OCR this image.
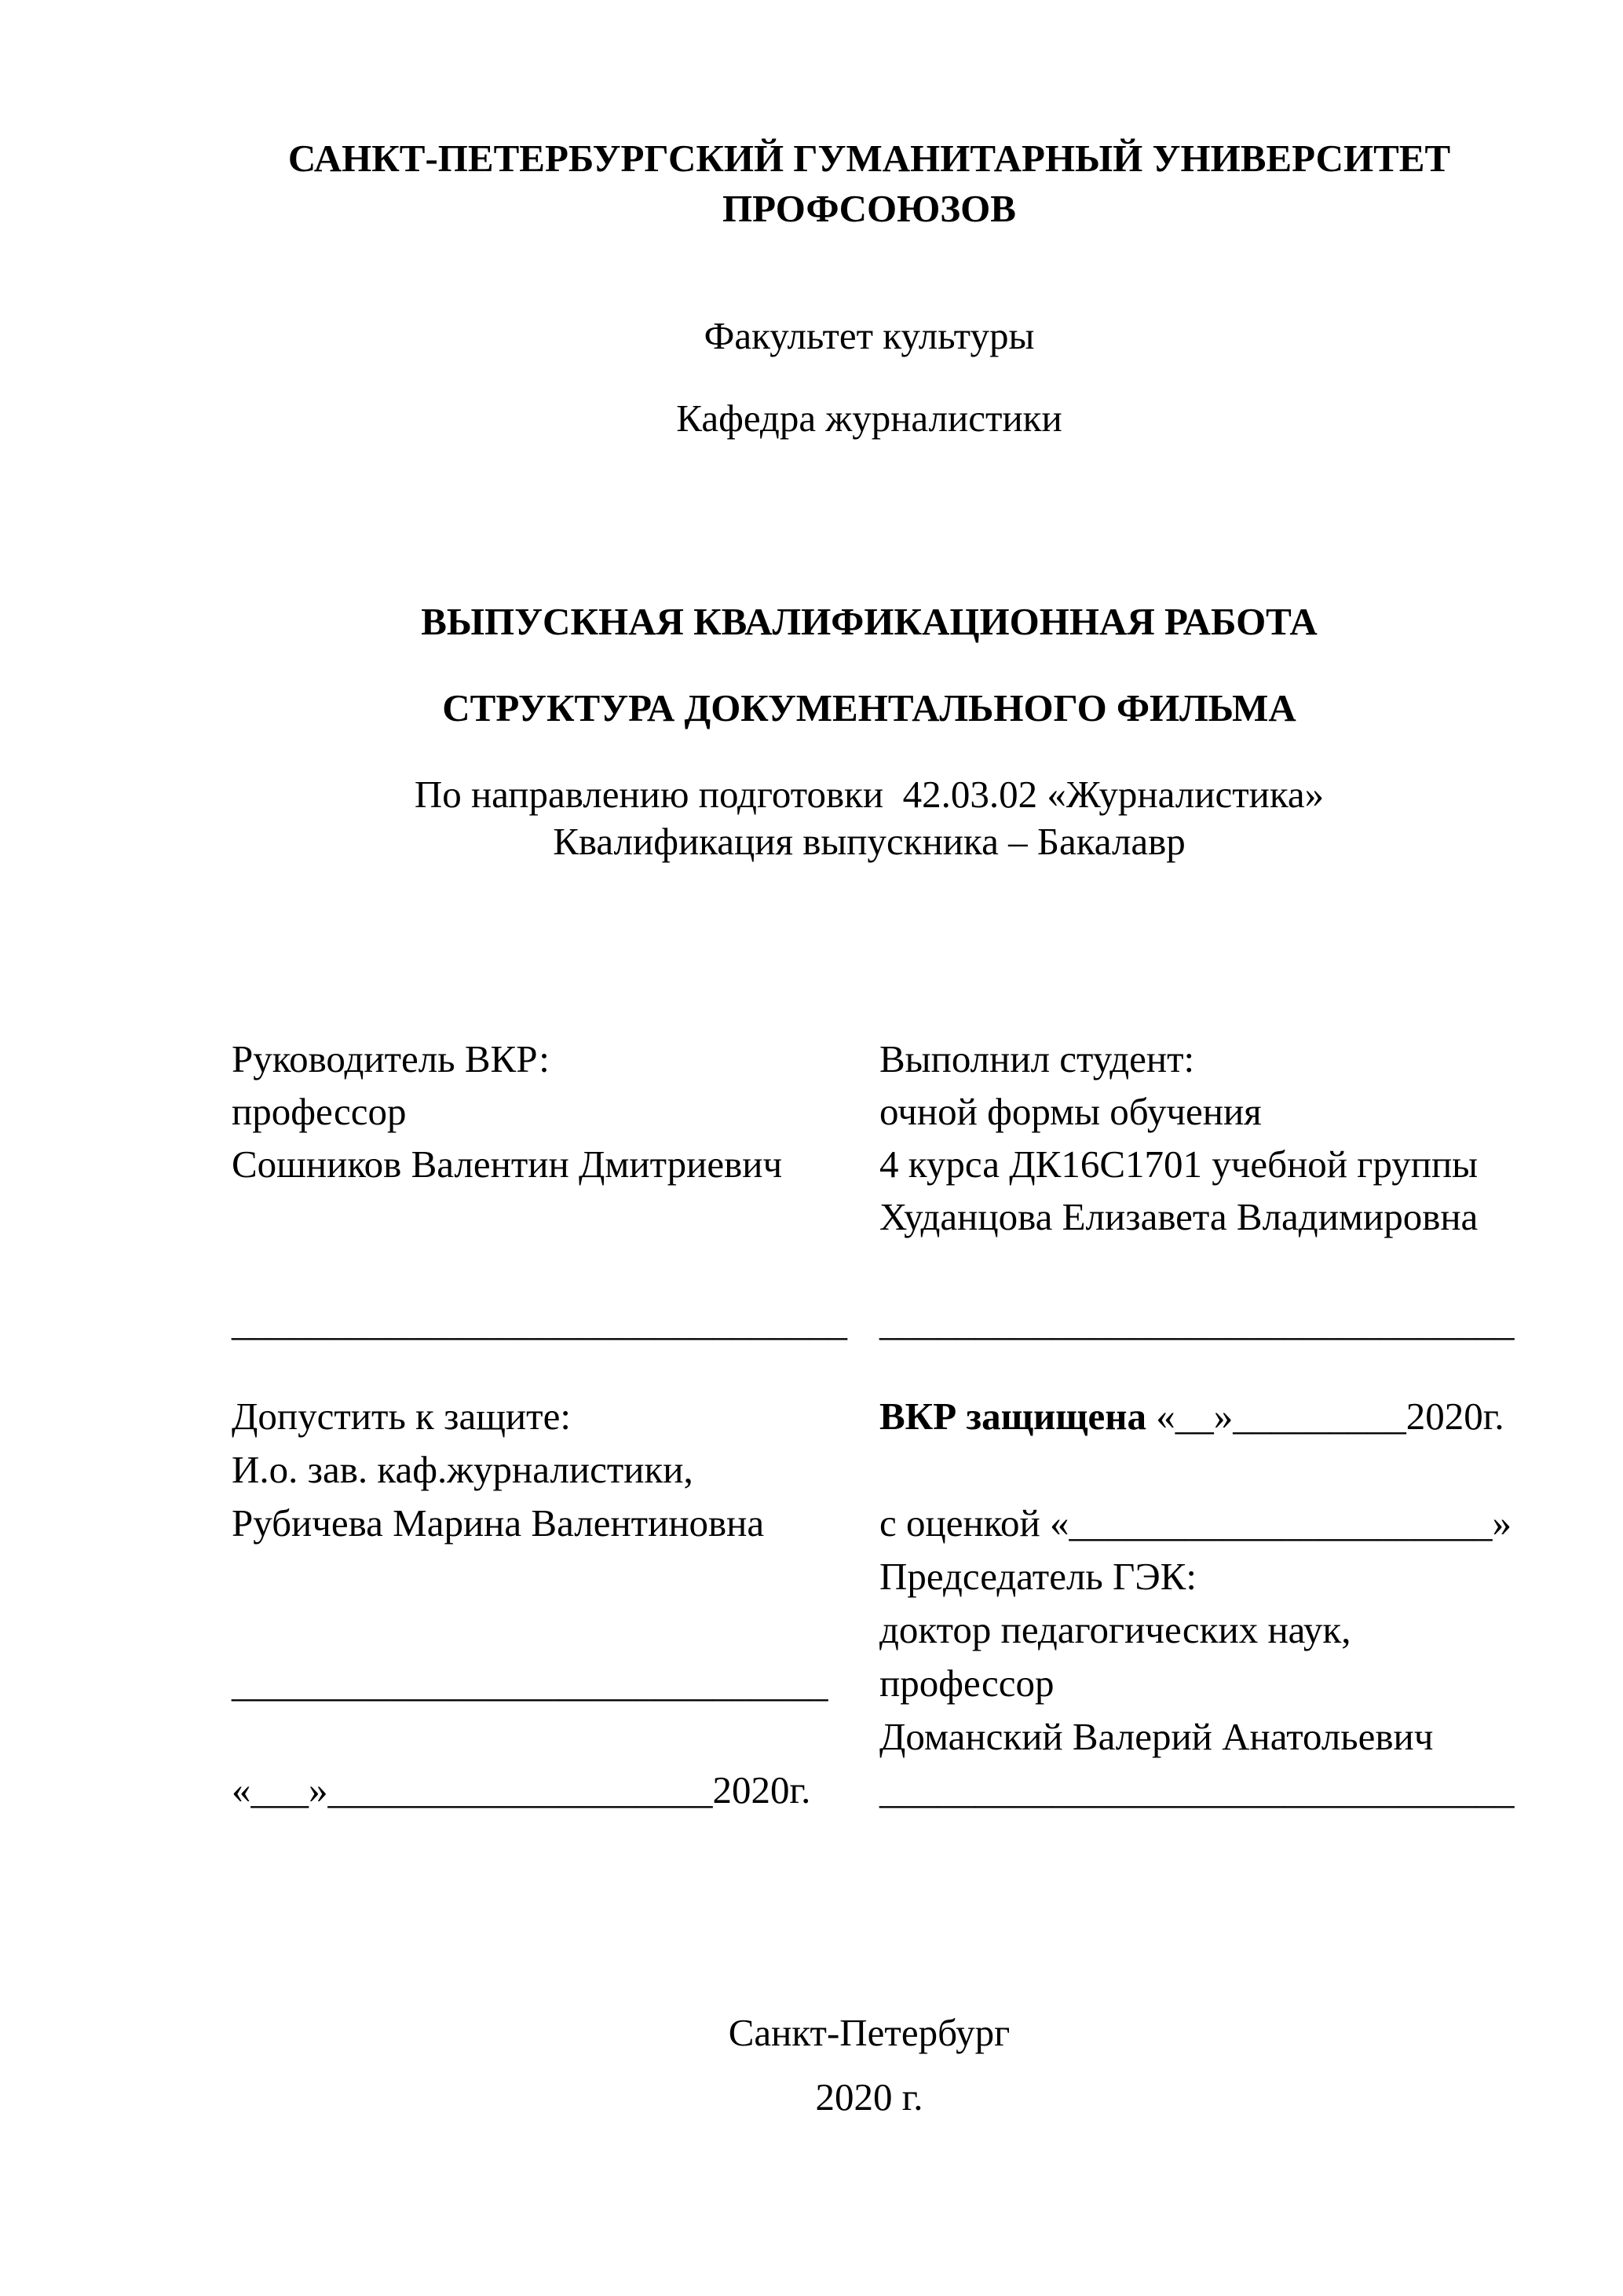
САНКТ-ПЕТЕРБУРГСКИЙ ГУМАНИТАРНЫЙ УНИВЕРСИТЕТ
ПРОФСОЮЗОВ
Факультет культуры
Кафедра журналистики
ВЫПУСКНАЯ КВАЛИФИКАЦИОННАЯ РАБОТА
СТРУКТУРА ДОКУМЕНТАЛЬНОГО ФИЛЬМА
По направлению подготовки  42.03.02 «Журналистика»
Квалификация выпускника – Бакалавр
Руководитель ВКР:
профессор
Сошников Валентин Дмитриевич
________________________________
Выполнил студент:
очной формы обучения
4 курса ДК16С1701 учебной группы
Худанцова Елизавета Владимировна
_________________________________
Допустить к защите:
И.о. зав. каф.журналистики,
Рубичева Марина Валентиновна
_______________________________
«___»____________________2020г.
ВКР защищена «__»_________2020г.
с оценкой «______________________»
Председатель ГЭК:
доктор педагогических наук,
профессор
Доманский Валерий Анатольевич
_________________________________
Санкт-Петербург
2020 г.
